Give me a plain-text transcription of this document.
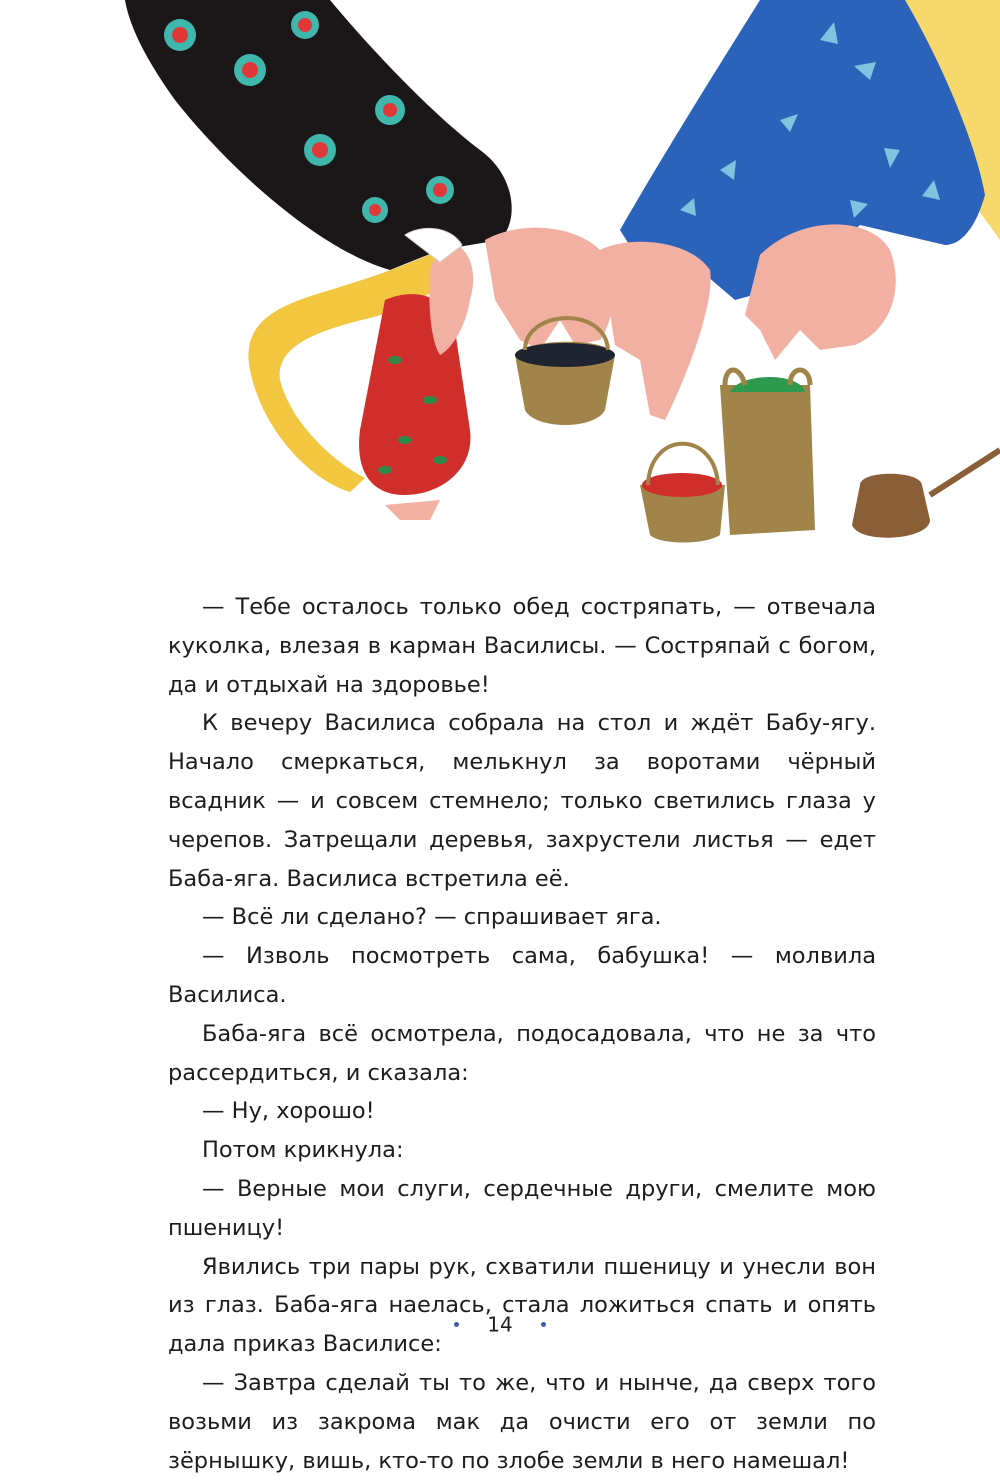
— Тебе осталось только обед состряпать, — отвечала куколка, влезая в карман Василисы. — Состряпай с богом, да и отдыхай на здоровье!

К вечеру Василиса собрала на стол и ждёт Бабу-ягу. Начало смеркаться, мелькнул за воротами чёрный всадник — и совсем стемнело; только светились глаза у черепов. Затрещали деревья, захрустели листья — едет Баба-яга. Василиса встретила её.

— Всё ли сделано? — спрашивает яга.

— Изволь посмотреть сама, бабушка! — молвила Василиса.

Баба-яга всё осмотрела, подосадовала, что не за что рассердиться, и сказала:

— Ну, хорошо!

Потом крикнула:

— Верные мои слуги, сердечные други, смелите мою пшеницу!

Явились три пары рук, схватили пшеницу и унесли вон из глаз. Баба-яга наелась, стала ложиться спать и опять дала приказ Василисе:

— Завтра сделай ты то же, что и нынче, да сверх того возьми из закрома мак да очисти его от земли по зёрнышку, вишь, кто-то по злобе земли в него намешал!

14
